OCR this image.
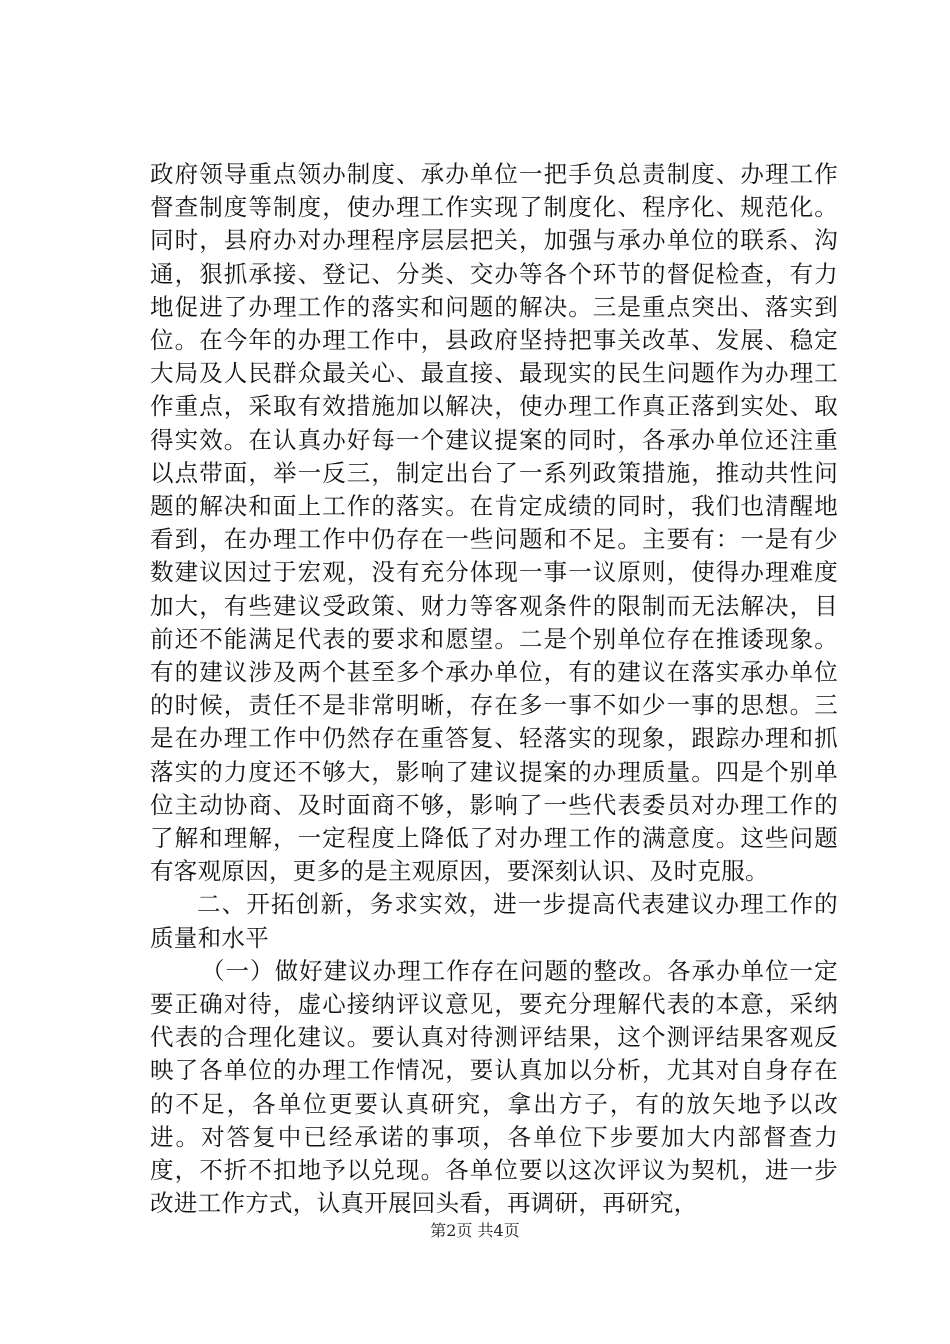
政府领导重点领办制度、承办单位一把手负总责制度、办理工作督查制度等制度，使办理工作实现了制度化、程序化、规范化。同时，县府办对办理程序层层把关，加强与承办单位的联系、沟通，狠抓承接、登记、分类、交办等各个环节的督促检查，有力地促进了办理工作的落实和问题的解决。三是重点突出、落实到位。在今年的办理工作中，县政府坚持把事关改革、发展、稳定大局及人民群众最关心、最直接、最现实的民生问题作为办理工作重点，采取有效措施加以解决，使办理工作真正落到实处、取得实效。在认真办好每一个建议提案的同时，各承办单位还注重以点带面，举一反三，制定出台了一系列政策措施，推动共性问题的解决和面上工作的落实。在肯定成绩的同时，我们也清醒地看到，在办理工作中仍存在一些问题和不足。主要有：一是有少数建议因过于宏观，没有充分体现一事一议原则，使得办理难度加大，有些建议受政策、财力等客观条件的限制而无法解决，目前还不能满足代表的要求和愿望。二是个别单位存在推诿现象。有的建议涉及两个甚至多个承办单位，有的建议在落实承办单位的时候，责任不是非常明晰，存在多一事不如少一事的思想。三是在办理工作中仍然存在重答复、轻落实的现象，跟踪办理和抓落实的力度还不够大，影响了建议提案的办理质量。四是个别单位主动协商、及时面商不够，影响了一些代表委员对办理工作的了解和理解，一定程度上降低了对办理工作的满意度。这些问题有客观原因，更多的是主观原因，要深刻认识、及时克服。

二、开拓创新，务求实效，进一步提高代表建议办理工作的质量和水平

（一）做好建议办理工作存在问题的整改。各承办单位一定要正确对待，虚心接纳评议意见，要充分理解代表的本意，采纳代表的合理化建议。要认真对待测评结果，这个测评结果客观反映了各单位的办理工作情况，要认真加以分析，尤其对自身存在的不足，各单位更要认真研究，拿出方子，有的放矢地予以改进。对答复中已经承诺的事项，各单位下步要加大内部督查力度，不折不扣地予以兑现。各单位要以这次评议为契机，进一步改进工作方式，认真开展回头看，再调研，再研究，

第2页 共4页
